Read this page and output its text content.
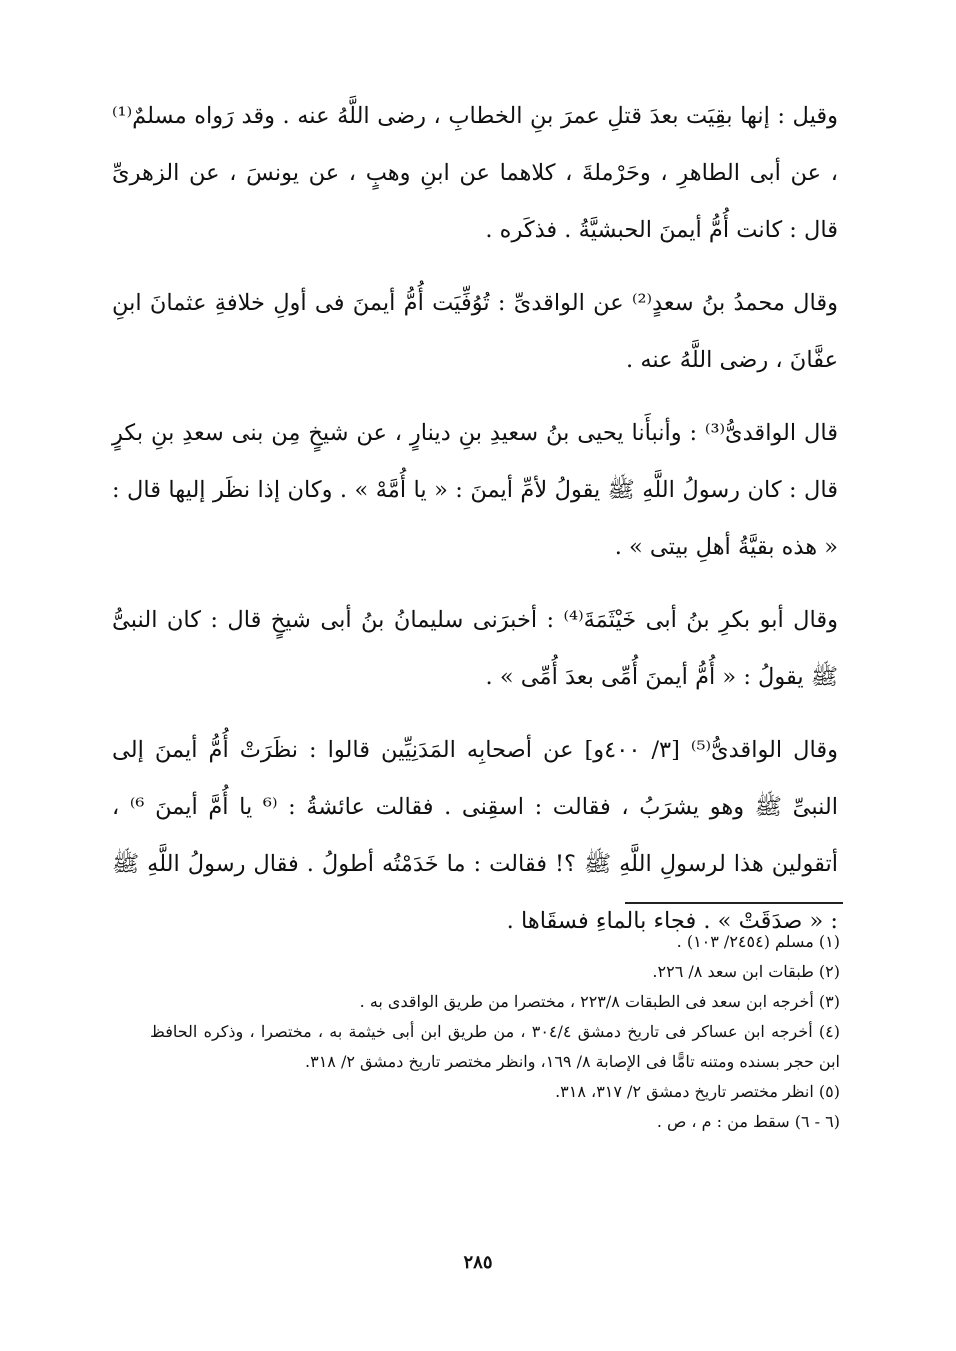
وقيل : إنها بقِيَت بعدَ قتلِ عمرَ بنِ الخطابِ ، رضى اللَّهُ عنه . وقد رَواه مسلمٌ⁽¹⁾ ، عن أبى الطاهرِ ، وحَرْملةَ ، كلاهما عن ابنِ وهبٍ ، عن يونسَ ، عن الزهرىِّ قال : كانت أُمُّ أيمنَ الحبشيَّةُ . فذكَره .

وقال محمدُ بنُ سعدٍ⁽²⁾ عن الواقدىِّ : تُوُفِّيَت أُمُّ أيمنَ فى أولِ خلافةِ عثمانَ ابنِ عفَّانَ ، رضى اللَّهُ عنه .

قال الواقدىُّ⁽³⁾ : وأنبأَنا يحيى بنُ سعيدِ بنِ دينارٍ ، عن شيخٍ مِن بنى سعدِ بنِ بكرٍ قال : كان رسولُ اللَّهِ ﷺ يقولُ لأمِّ أيمنَ : « يا أُمَّهْ » . وكان إذا نظَر إليها قال : « هذه بقيَّةُ أهلِ بيتى » .

وقال أبو بكرِ بنُ أبى خَيْثَمَةَ⁽⁴⁾ : أخبرَنى سليمانُ بنُ أبى شيخٍ قال : كان النبىُّ ﷺ يقولُ : « أُمُّ أيمنَ أُمِّى بعدَ أُمِّى » .

وقال الواقدىُّ⁽⁵⁾ [٣/ ٤٠٠و] عن أصحابِه المَدَنِيِّين قالوا : نظَرَتْ أُمُّ أيمنَ إلى النبىِّ ﷺ وهو يشرَبُ ، فقالت : اسقِنى . فقالت عائشةُ : ⁽⁶ يا أُمَّ أيمنَ ⁶⁾ ، أتقولين هذا لرسولِ اللَّهِ ﷺ ؟! فقالت : ما خَدَمْتُه أطولُ . فقال رسولُ اللَّهِ ﷺ : « صدَقَتْ » . فجاء بالماءِ فسقَاها .

(١) مسلم (٢٤٥٤/ ١٠٣) .
(٢) طبقات ابن سعد ٨/ ٢٢٦.
(٣) أخرجه ابن سعد فى الطبقات ٢٢٣/٨ ، مختصرا من طريق الواقدى به .
(٤) أخرجه ابن عساكر فى تاريخ دمشق ٣٠٤/٤ ، من طريق ابن أبى خيثمة به ، مختصرا ، وذكره الحافظ ابن حجر بسنده ومتنه تامًّا فى الإصابة ٨/ ١٦٩، وانظر مختصر تاريخ دمشق ٢/ ٣١٨.
(٥) انظر مختصر تاريخ دمشق ٢/ ٣١٧، ٣١٨.
(٦ - ٦) سقط من : م ، ص .
٢٨٥
